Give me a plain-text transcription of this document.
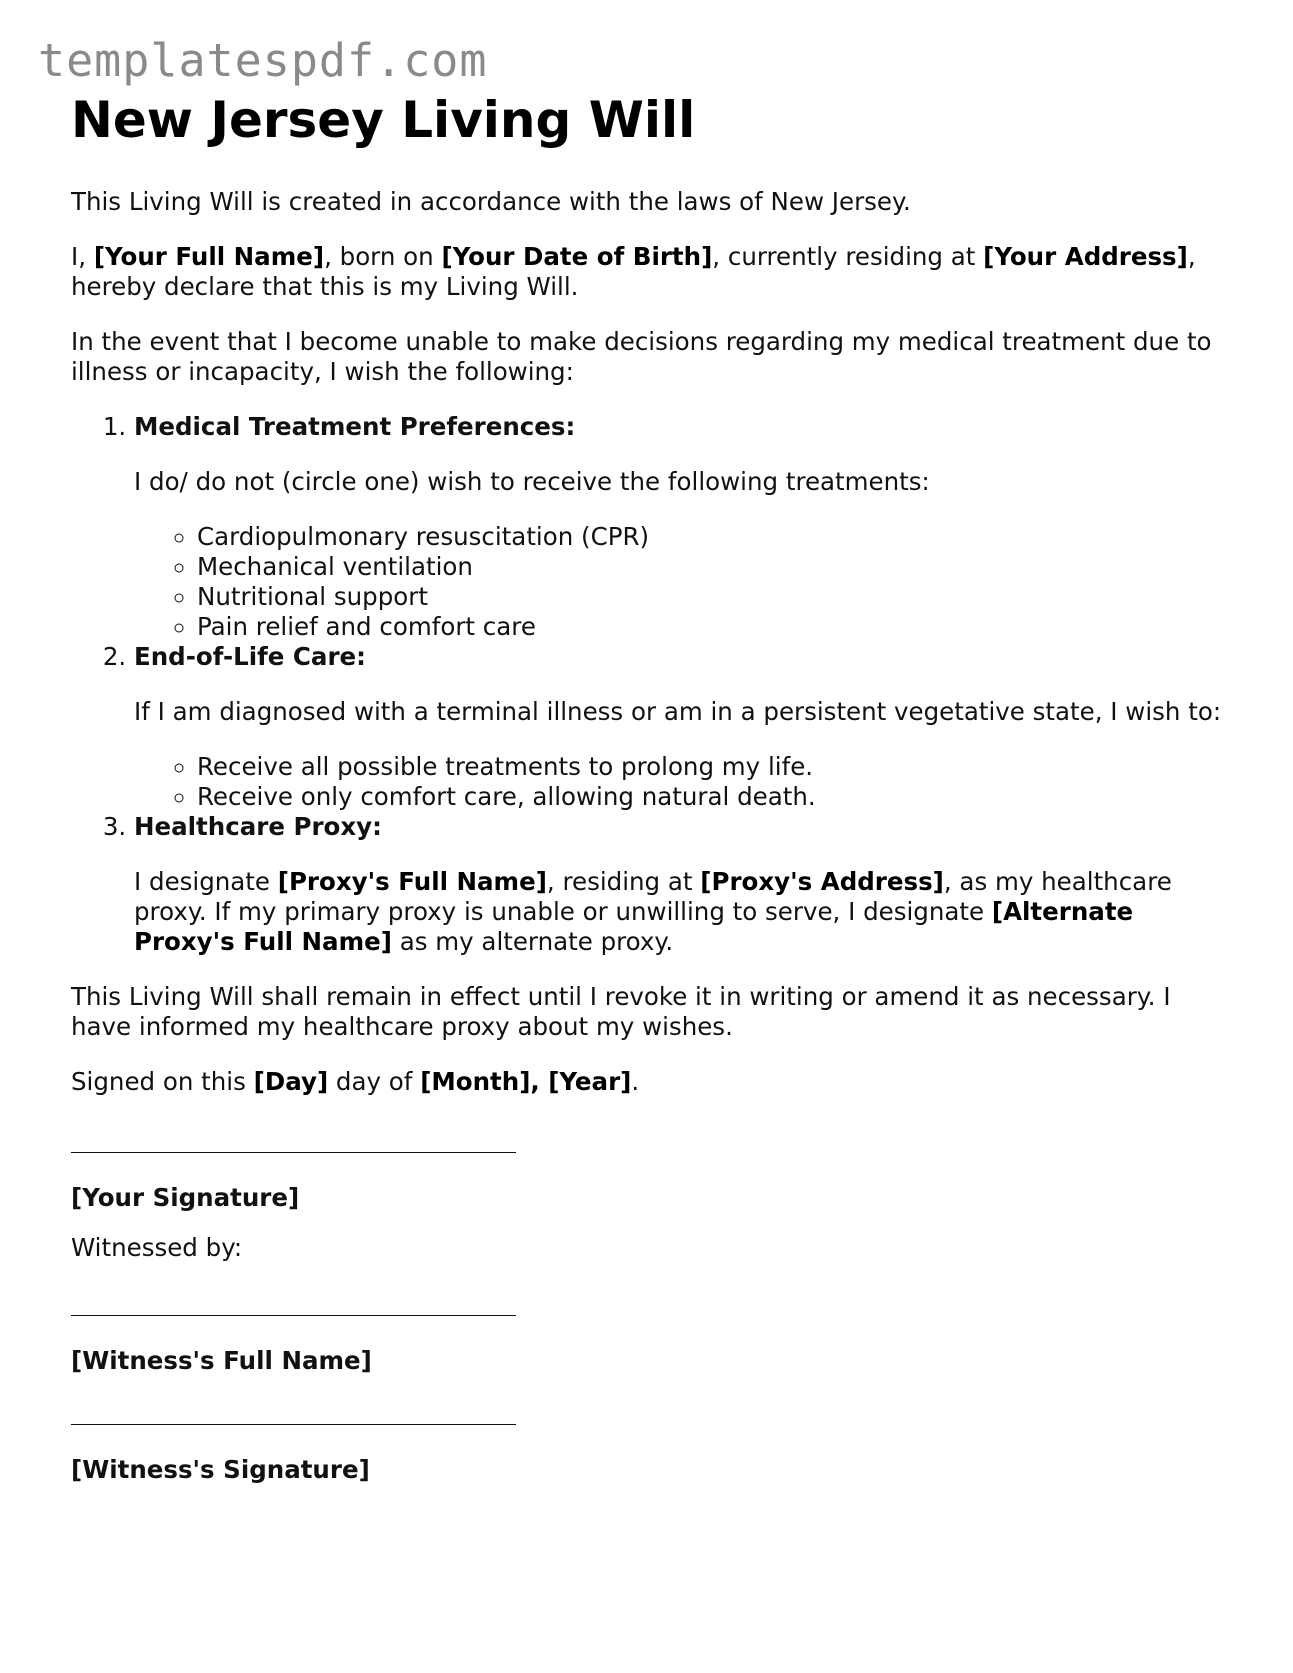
templatespdf.com
New Jersey Living Will

This Living Will is created in accordance with the laws of New Jersey.

I, [Your Full Name], born on [Your Date of Birth], currently residing at [Your Address], hereby declare that this is my Living Will.

In the event that I become unable to make decisions regarding my medical treatment due to illness or incapacity, I wish the following:

1. Medical Treatment Preferences:

I do/ do not (circle one) wish to receive the following treatments:

◦ Cardiopulmonary resuscitation (CPR)
◦ Mechanical ventilation
◦ Nutritional support
◦ Pain relief and comfort care
2. End-of-Life Care:

If I am diagnosed with a terminal illness or am in a persistent vegetative state, I wish to:

◦ Receive all possible treatments to prolong my life.
◦ Receive only comfort care, allowing natural death.
3. Healthcare Proxy:

I designate [Proxy's Full Name], residing at [Proxy's Address], as my healthcare proxy. If my primary proxy is unable or unwilling to serve, I designate [Alternate Proxy's Full Name] as my alternate proxy.

This Living Will shall remain in effect until I revoke it in writing or amend it as necessary. I have informed my healthcare proxy about my wishes.

Signed on this [Day] day of [Month], [Year].

[Your Signature]

Witnessed by:

[Witness's Full Name]

[Witness's Signature]
